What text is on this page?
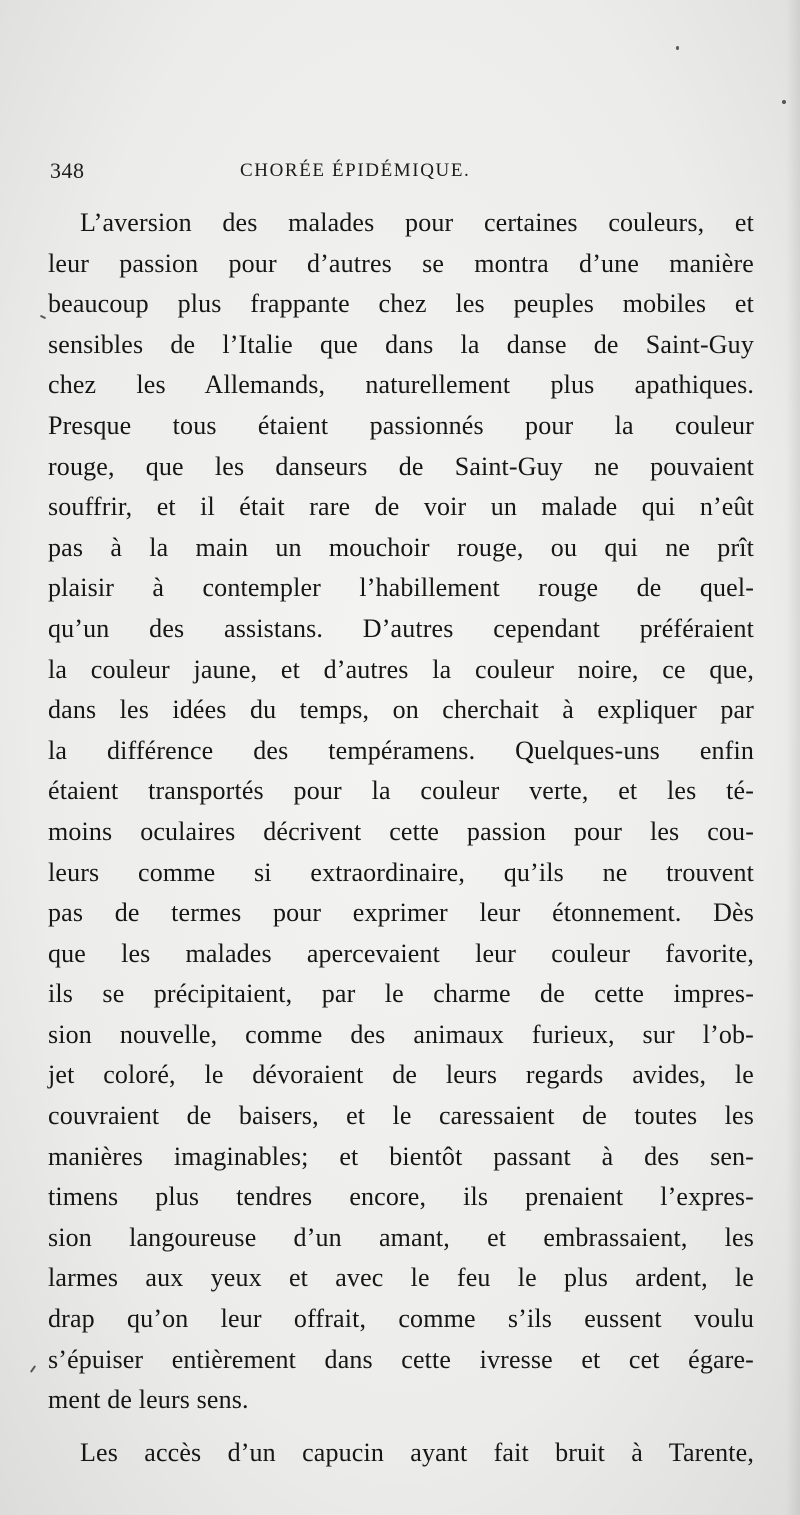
348	CHORÉE ÉPIDÉMIQUE.
L’aversion des malades pour certaines couleurs, et
leur passion pour d’autres se montra d’une manière
beaucoup plus frappante chez les peuples mobiles et
sensibles de l’Italie que dans la danse de Saint-Guy
chez les Allemands, naturellement plus apathiques.
Presque tous étaient passionnés pour la couleur
rouge, que les danseurs de Saint-Guy ne pouvaient
souffrir, et il était rare de voir un malade qui n’eût
pas à la main un mouchoir rouge, ou qui ne prît
plaisir à contempler l’habillement rouge de quel-
qu’un des assistans. D’autres cependant préféraient
la couleur jaune, et d’autres la couleur noire, ce que,
dans les idées du temps, on cherchait à expliquer par
la différence des tempéramens. Quelques-uns enfin
étaient transportés pour la couleur verte, et les té-
moins oculaires décrivent cette passion pour les cou-
leurs comme si extraordinaire, qu’ils ne trouvent
pas de termes pour exprimer leur étonnement. Dès
que les malades apercevaient leur couleur favorite,
ils se précipitaient, par le charme de cette impres-
sion nouvelle, comme des animaux furieux, sur l’ob-
jet coloré, le dévoraient de leurs regards avides, le
couvraient de baisers, et le caressaient de toutes les
manières imaginables; et bientôt passant à des sen-
timens plus tendres encore, ils prenaient l’expres-
sion langoureuse d’un amant, et embrassaient, les
larmes aux yeux et avec le feu le plus ardent, le
drap qu’on leur offrait, comme s’ils eussent voulu
s’épuiser entièrement dans cette ivresse et cet égare-
ment de leurs sens.
Les accès d’un capucin ayant fait bruit à Tarente,
